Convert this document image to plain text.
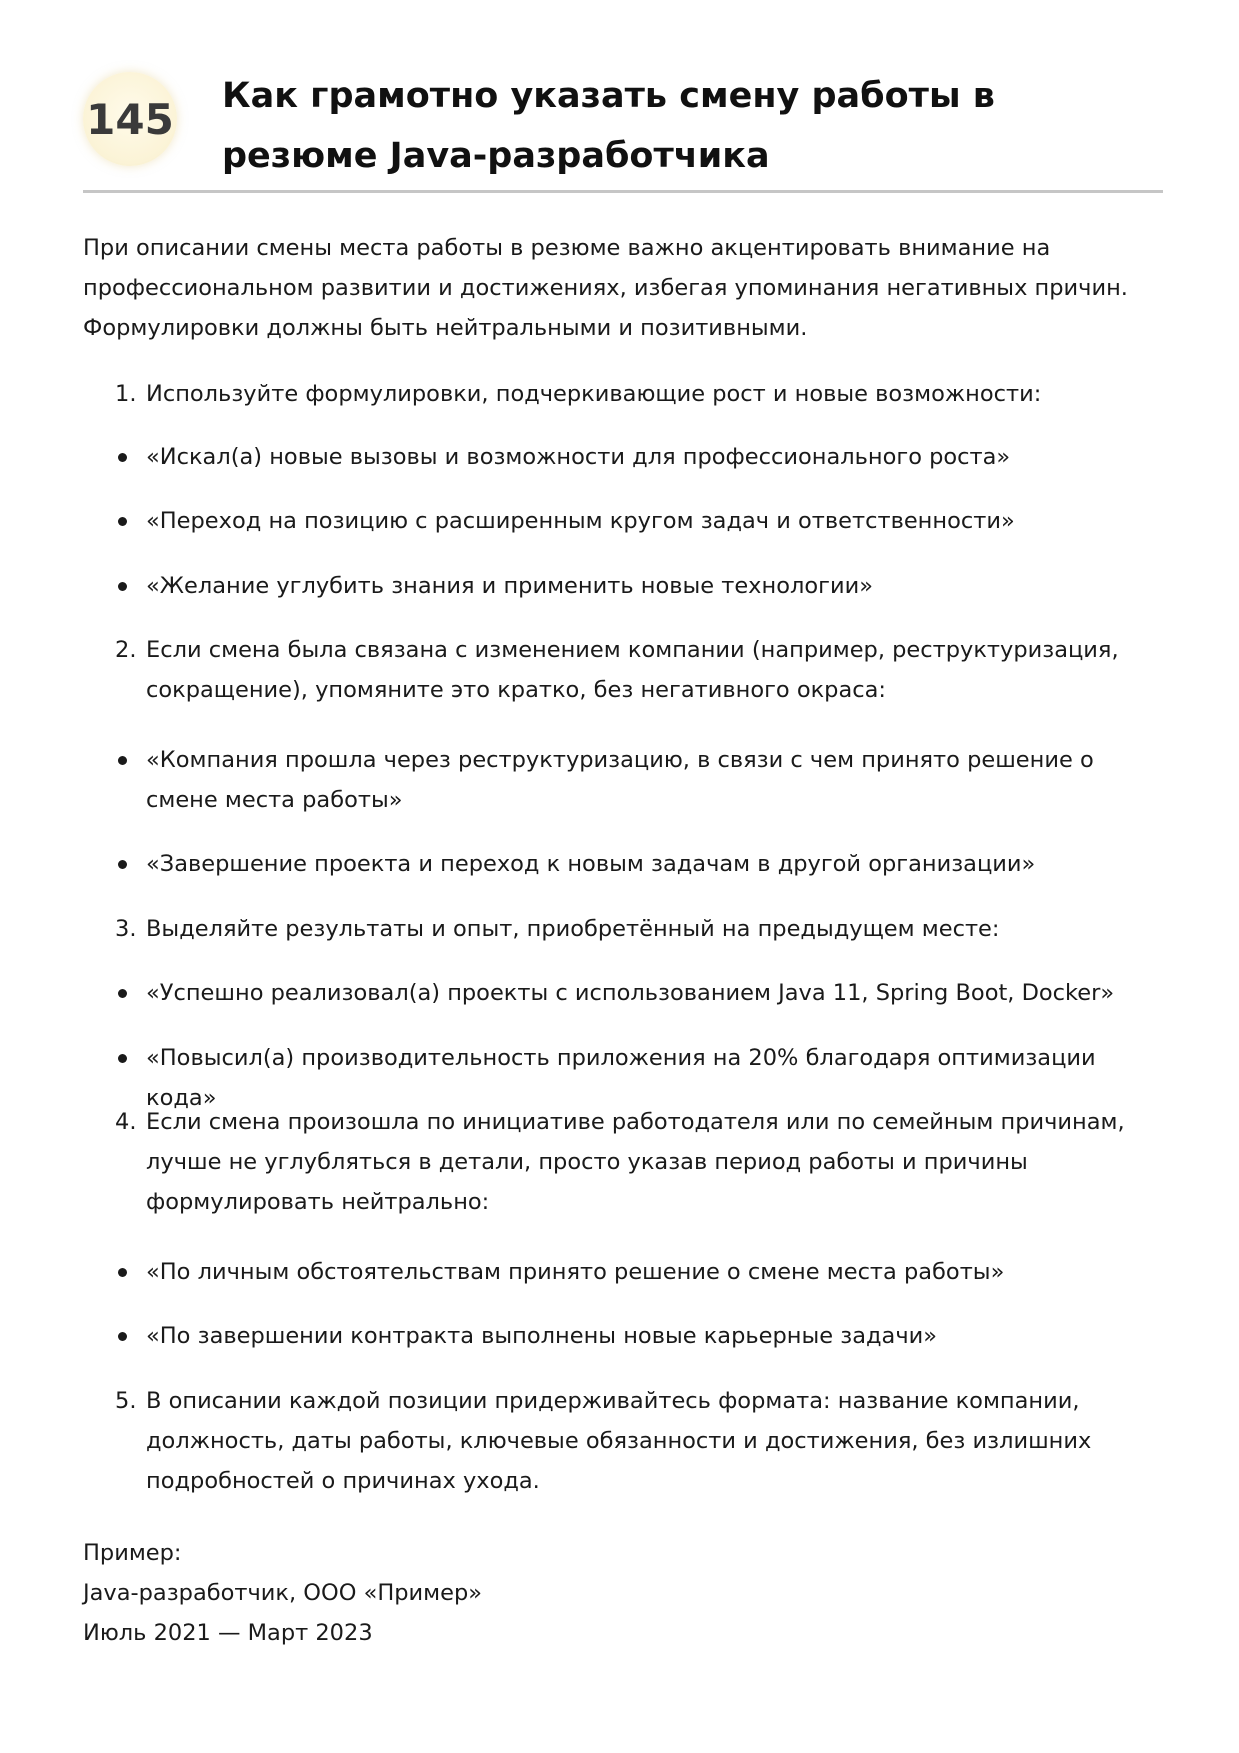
145 Как грамотно указать смену работы в резюме Java-разработчика

При описании смены места работы в резюме важно акцентировать внимание на профессиональном развитии и достижениях, избегая упоминания негативных причин. Формулировки должны быть нейтральными и позитивными.

1. Используйте формулировки, подчеркивающие рост и новые возможности:
«Искал(а) новые вызовы и возможности для профессионального роста»
«Переход на позицию с расширенным кругом задач и ответственности»
«Желание углубить знания и применить новые технологии»
2. Если смена была связана с изменением компании (например, реструктуризация, сокращение), упомяните это кратко, без негативного окраса:
«Компания прошла через реструктуризацию, в связи с чем принято решение о смене места работы»
«Завершение проекта и переход к новым задачам в другой организации»
3. Выделяйте результаты и опыт, приобретённый на предыдущем месте:
«Успешно реализовал(а) проекты с использованием Java 11, Spring Boot, Docker»
«Повысил(а) производительность приложения на 20% благодаря оптимизации кода»
4. Если смена произошла по инициативе работодателя или по семейным причинам, лучше не углубляться в детали, просто указав период работы и причины формулировать нейтрально:
«По личным обстоятельствам принято решение о смене места работы»
«По завершении контракта выполнены новые карьерные задачи»
5. В описании каждой позиции придерживайтесь формата: название компании, должность, даты работы, ключевые обязанности и достижения, без излишних подробностей о причинах ухода.
Пример:
Java-разработчик, ООО «Пример»
Июль 2021 — Март 2023
